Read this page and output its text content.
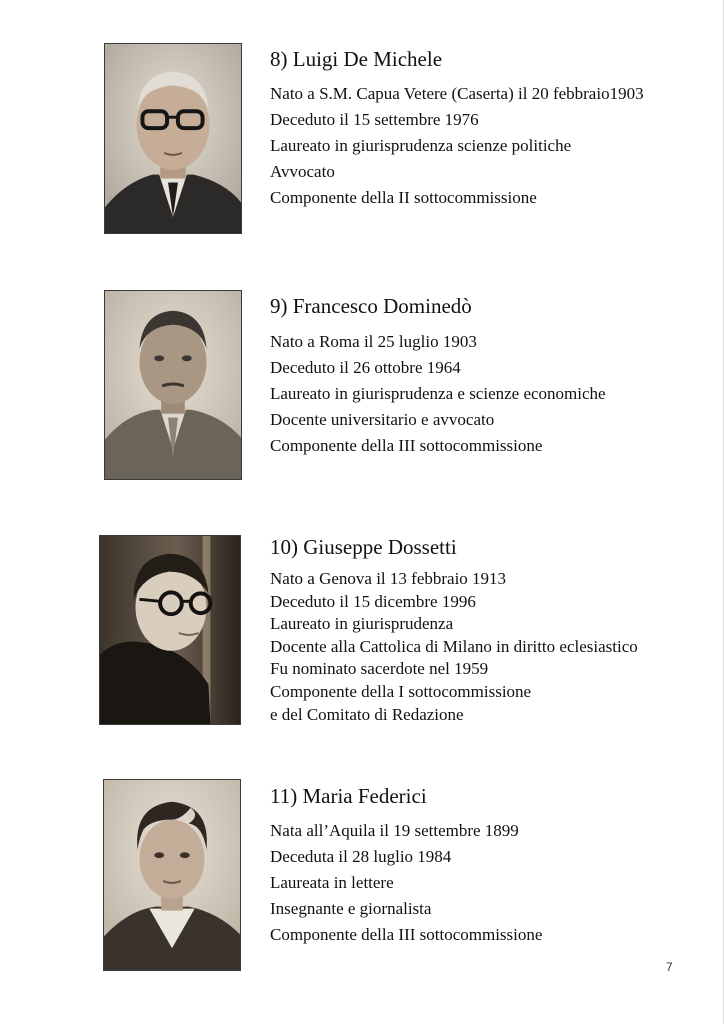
8) Luigi De Michele
Nato a S.M. Capua Vetere (Caserta) il 20 febbraio1903
Deceduto il 15 settembre 1976
Laureato in giurisprudenza scienze politiche
Avvocato
Componente della II sottocommissione
9) Francesco Dominedò
Nato a Roma il 25 luglio 1903
Deceduto il 26 ottobre 1964
Laureato in giurisprudenza e scienze economiche
Docente universitario e avvocato
Componente della III sottocommissione
10) Giuseppe Dossetti
Nato a Genova il 13 febbraio 1913
Deceduto il 15 dicembre 1996
Laureato in giurisprudenza
Docente alla Cattolica di Milano in diritto eclesiastico
Fu nominato sacerdote nel 1959
Componente della I sottocommissione
e del Comitato di Redazione
11) Maria Federici
Nata all’Aquila il 19 settembre 1899
Deceduta il 28 luglio 1984
Laureata in lettere
Insegnante e giornalista
Componente della III sottocommissione
7
